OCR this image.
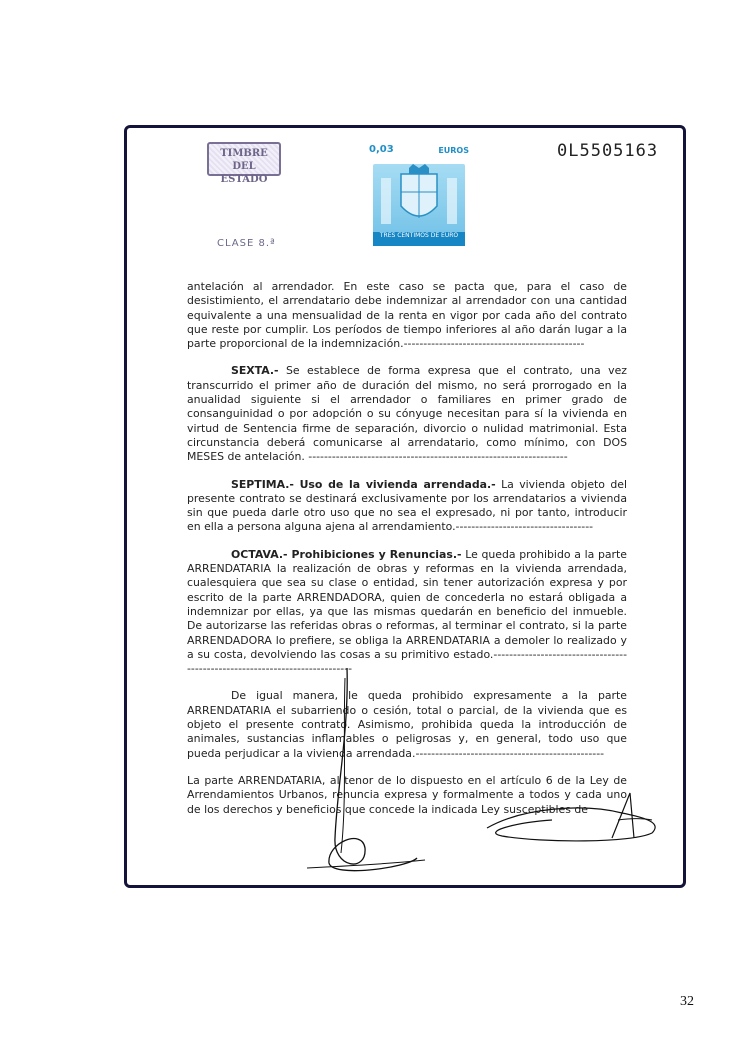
TIMBRE DEL ESTADO
CLASE 8.ª
0,03	EUROS
TRES CENTIMOS DE EURO
0L5505163

antelación al arrendador. En este caso se pacta que, para el caso de desistimiento, el arrendatario debe indemnizar al arrendador con una cantidad equivalente a una mensualidad de la renta en vigor por cada año del contrato que reste por cumplir. Los períodos de tiempo inferiores al año darán lugar a la parte proporcional de la indemnización.----------------------------------------------

SEXTA.- Se establece de forma expresa que el contrato, una vez transcurrido el primer año de duración del mismo, no será prorrogado en la anualidad siguiente si el arrendador o familiares en primer grado de consanguinidad o por adopción o su cónyuge necesitan para sí la vivienda en virtud de Sentencia firme de separación, divorcio o nulidad matrimonial. Esta circunstancia deberá comunicarse al arrendatario, como mínimo, con DOS MESES de antelación. ------------------------------------------------------------------

SEPTIMA.- Uso de la vivienda arrendada.- La vivienda objeto del presente contrato se destinará exclusivamente por los arrendatarios a vivienda sin que pueda darle otro uso que no sea el expresado, ni por tanto, introducir en ella a persona alguna ajena al arrendamiento.-----------------------------------

OCTAVA.- Prohibiciones y Renuncias.- Le queda prohibido a la parte ARRENDATARIA la realización de obras y reformas en la vivienda arrendada, cualesquiera que sea su clase o entidad, sin tener autorización expresa y por escrito de la parte ARRENDADORA, quien de concederla no estará obligada a indemnizar por ellas, ya que las mismas quedarán en beneficio del inmueble. De autorizarse las referidas obras o reformas, al terminar el contrato, si la parte ARRENDADORA lo prefiere, se obliga la ARRENDATARIA a demoler lo realizado y a su costa, devolviendo las cosas a su primitivo estado.----------------------------------------------------------------------------

De igual manera, le queda prohibido expresamente a la parte ARRENDATARIA el subarriendo o cesión, total o parcial, de la vivienda que es objeto el presente contrato. Asimismo, prohibida queda la introducción de animales, sustancias inflamables o peligrosas y, en general, todo uso que pueda perjudicar a la vivienda arrendada.------------------------------------------------

La parte ARRENDATARIA, al tenor de lo dispuesto en el artículo 6 de la Ley de Arrendamientos Urbanos, renuncia expresa y formalmente a todos y cada uno de los derechos y beneficios que concede la indicada Ley susceptibles de

32
